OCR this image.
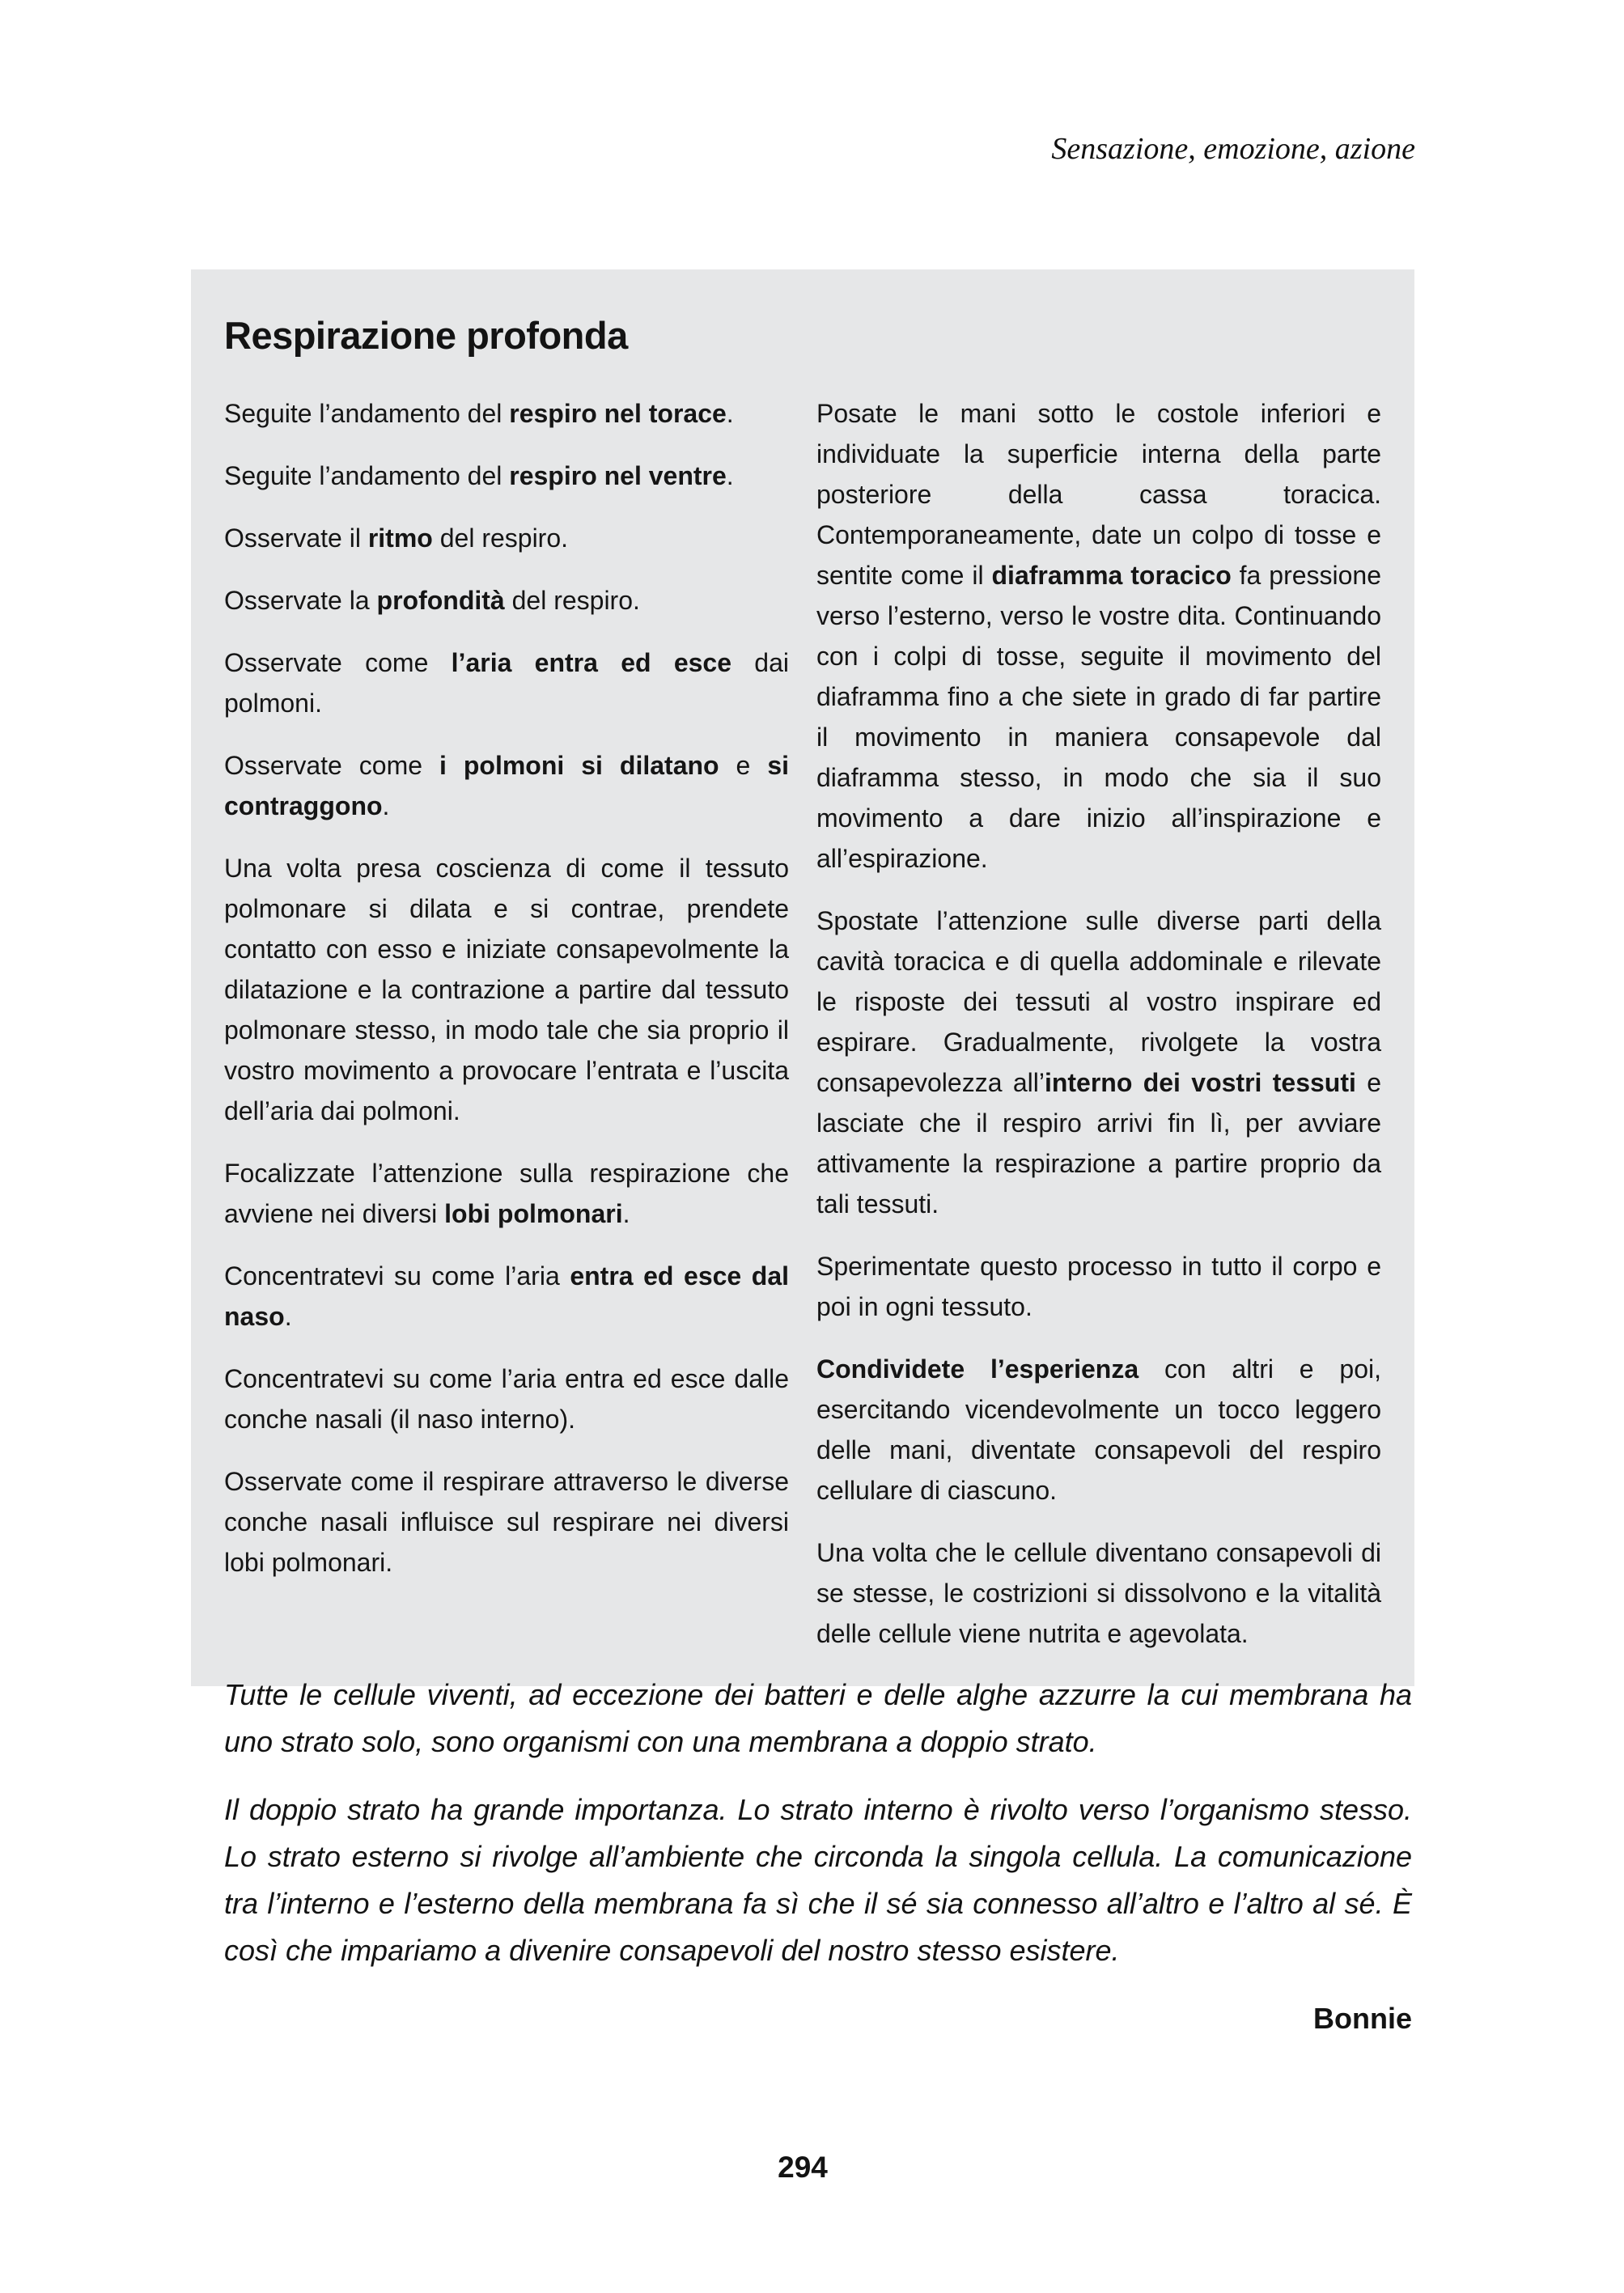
Sensazione, emozione, azione
Respirazione profonda

Seguite l’andamento del respiro nel torace.

Seguite l’andamento del respiro nel ventre.

Osservate il ritmo del respiro.

Osservate la profondità del respiro.

Osservate come l’aria entra ed esce dai polmoni.

Osservate come i polmoni si dilatano e si contraggono.

Una volta presa coscienza di come il tessuto polmonare si dilata e si contrae, prendete contatto con esso e iniziate consapevolmente la dilatazione e la contrazione a partire dal tessuto polmonare stesso, in modo tale che sia proprio il vostro movimento a provocare l’entrata e l’uscita dell’aria dai polmoni.

Focalizzate l’attenzione sulla respirazione che avviene nei diversi lobi polmonari.

Concentratevi su come l’aria entra ed esce dal naso.

Concentratevi su come l’aria entra ed esce dalle conche nasali (il naso interno).

Osservate come il respirare attraverso le diverse conche nasali influisce sul respirare nei diversi lobi polmonari.

Posate le mani sotto le costole inferiori e individuate la superficie interna della parte posteriore della cassa toracica. Contemporaneamente, date un colpo di tosse e sentite come il diaframma toracico fa pressione verso l’esterno, verso le vostre dita. Continuando con i colpi di tosse, seguite il movimento del diaframma fino a che siete in grado di far partire il movimento in maniera consapevole dal diaframma stesso, in modo che sia il suo movimento a dare inizio all’inspirazione e all’espirazione.

Spostate l’attenzione sulle diverse parti della cavità toracica e di quella addominale e rilevate le risposte dei tessuti al vostro inspirare ed espirare. Gradualmente, rivolgete la vostra consapevolezza all’interno dei vostri tessuti e lasciate che il respiro arrivi fin lì, per avviare attivamente la respirazione a partire proprio da tali tessuti.

Sperimentate questo processo in tutto il corpo e poi in ogni tessuto.

Condividete l’esperienza con altri e poi, esercitando vicendevolmente un tocco leggero delle mani, diventate consapevoli del respiro cellulare di ciascuno.

Una volta che le cellule diventano consapevoli di se stesse, le costrizioni si dissolvono e la vitalità delle cellule viene nutrita e agevolata.

Tutte le cellule viventi, ad eccezione dei batteri e delle alghe azzurre la cui membrana ha uno strato solo, sono organismi con una membrana a doppio strato.

Il doppio strato ha grande importanza. Lo strato interno è rivolto verso l’organismo stesso. Lo strato esterno si rivolge all’ambiente che circonda la singola cellula. La comunicazione tra l’interno e l’esterno della membrana fa sì che il sé sia connesso all’altro e l’altro al sé. È così che impariamo a divenire consapevoli del nostro stesso esistere.

Bonnie
294
